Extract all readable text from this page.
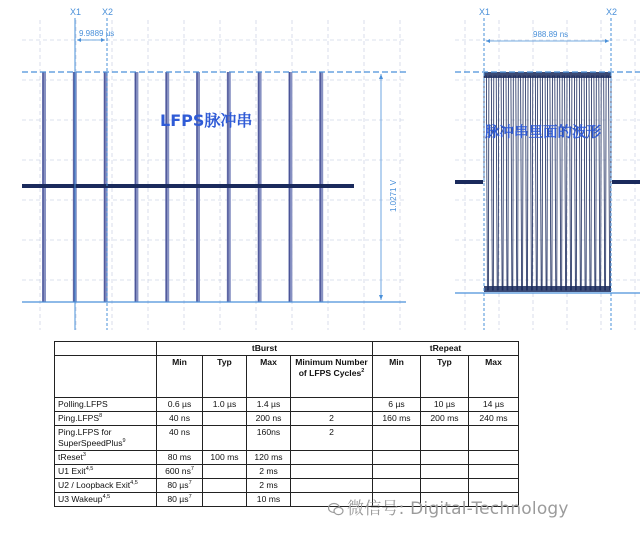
X1 X2
9.9889 µs
1.0271 V
LFPS脉冲串
X1	X2
988.89 ns
脉冲串里面的波形
	tBurst				tRepeat		
	Min	Typ	Max	Minimum Number of LFPS Cycles$^2$	Min	Typ	Max
Polling.LFPS	0.6 µs	1.0 µs	1.4 µs		6 µs	10 µs	14 µs
Ping.LFPS$^8$	40 ns		200 ns	2	160 ms	200 ms	240 ms
Ping.LFPS for SuperSpeedPlus$^9$	40 ns		160ns	2			
tReset$^3$	80 ms	100 ms	120 ms				
U1 Exit$^{4,5}$	600 $ns^7$		2 ms				
U2 / Loopback Exit$^{4,5}$	80 µs$^7$		2 ms				
U3 Wakeup$^{4,5}$	80 µs$^7$		10 ms					微信号: Digital-Technology
